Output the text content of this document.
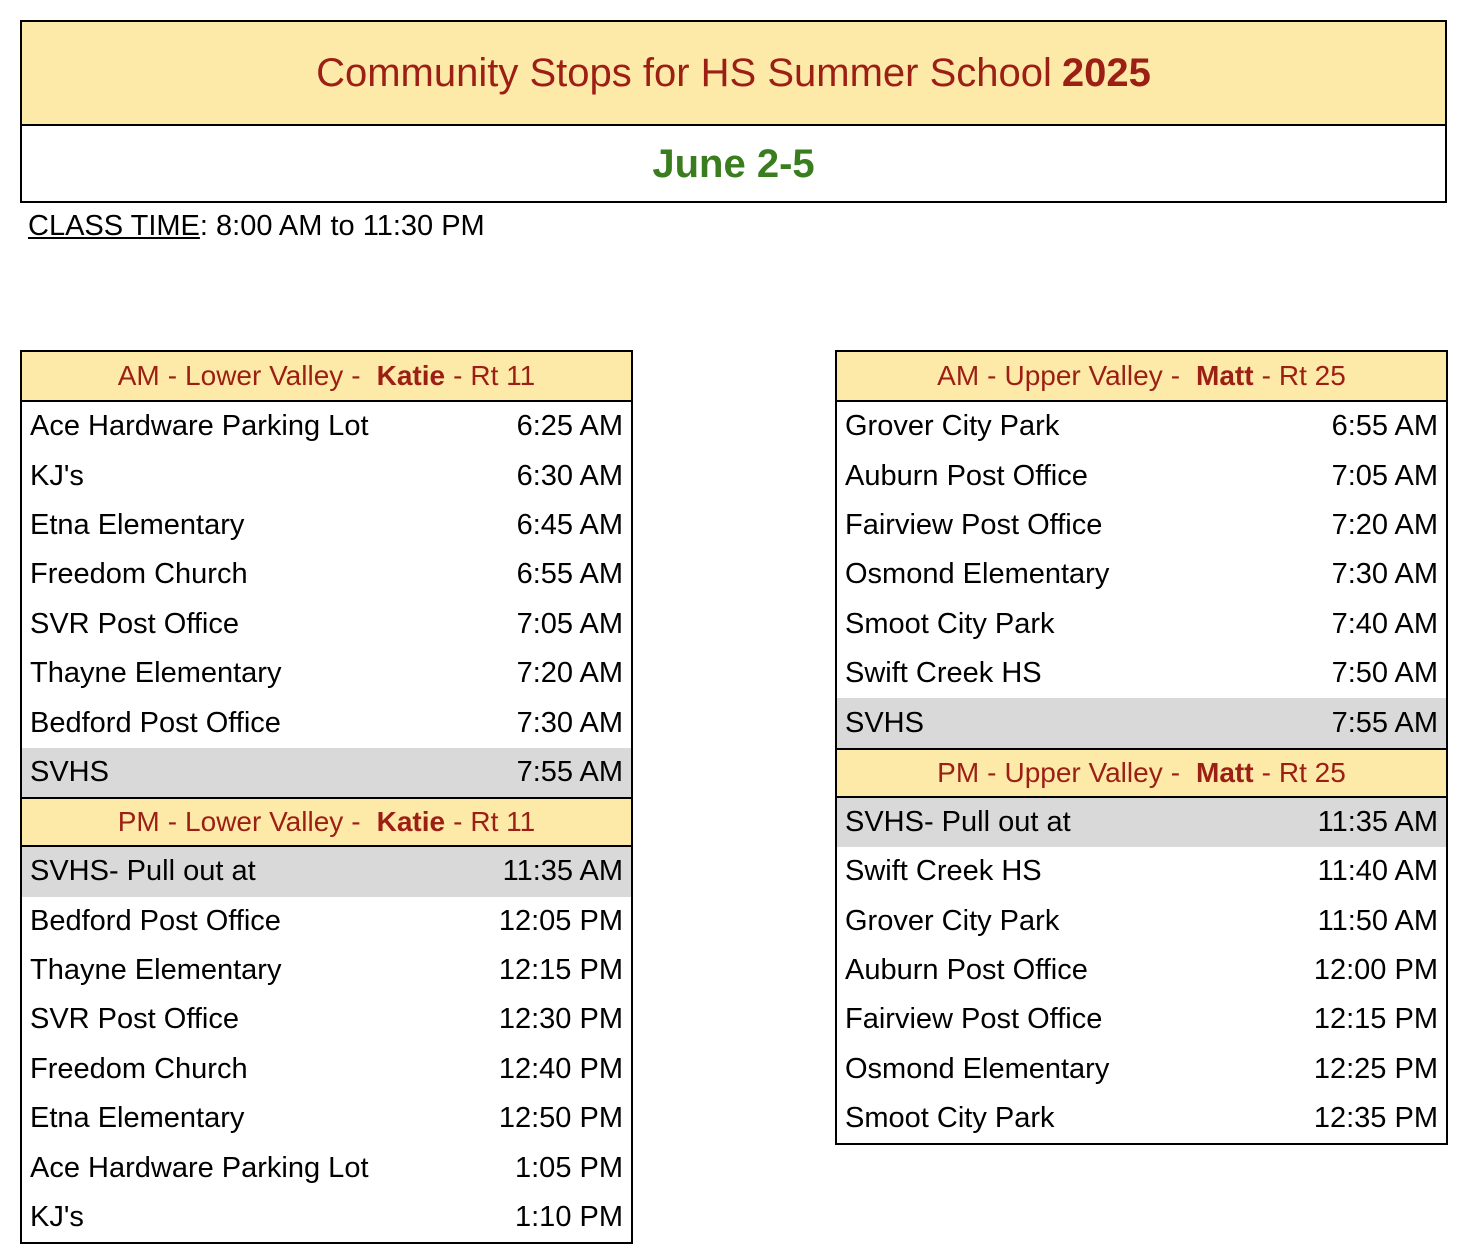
Community Stops for HS Summer School 2025
June 2-5
CLASS TIME: 8:00 AM to 11:30 PM
AM - Lower Valley - Katie - Rt 11
Ace Hardware Parking Lot	6:25 AM
KJ's	6:30 AM
Etna Elementary	6:45 AM
Freedom Church	6:55 AM
SVR Post Office	7:05 AM
Thayne Elementary	7:20 AM
Bedford Post Office	7:30 AM
SVHS	7:55 AM
PM - Lower Valley - Katie - Rt 11
SVHS- Pull out at	11:35 AM
Bedford Post Office	12:05 PM
Thayne Elementary	12:15 PM
SVR Post Office	12:30 PM
Freedom Church	12:40 PM
Etna Elementary	12:50 PM
Ace Hardware Parking Lot	1:05 PM
KJ's	1:10 PM
AM - Upper Valley - Matt - Rt 25
Grover City Park	6:55 AM
Auburn Post Office	7:05 AM
Fairview Post Office	7:20 AM
Osmond Elementary	7:30 AM
Smoot City Park	7:40 AM
Swift Creek HS	7:50 AM
SVHS	7:55 AM
PM - Upper Valley - Matt - Rt 25
SVHS- Pull out at	11:35 AM
Swift Creek HS	11:40 AM
Grover City Park	11:50 AM
Auburn Post Office	12:00 PM
Fairview Post Office	12:15 PM
Osmond Elementary	12:25 PM
Smoot City Park	12:35 PM
